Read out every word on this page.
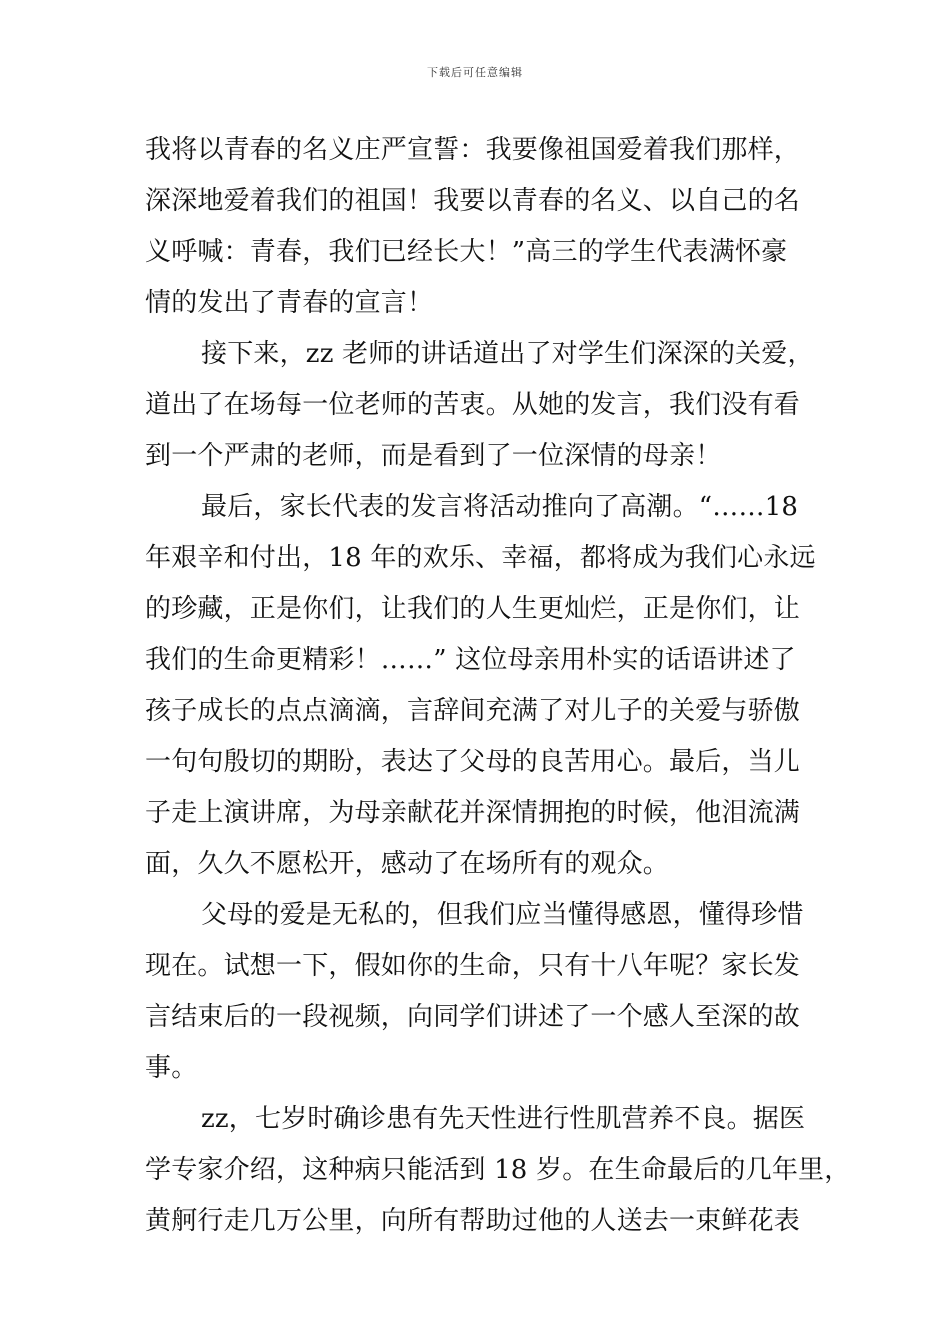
下载后可任意编辑
我将以青春的名义庄严宣誓：我要像祖国爱着我们那样，
深深地爱着我们的祖国！我要以青春的名义、以自己的名
义呼喊：青春，我们已经长大！”高三的学生代表满怀豪
情的发出了青春的宣言！
接下来，zz 老师的讲话道出了对学生们深深的关爱，
道出了在场每一位老师的苦衷。从她的发言，我们没有看
到一个严肃的老师，而是看到了一位深情的母亲！
最后，家长代表的发言将活动推向了高潮。“……18
年艰辛和付出，18 年的欢乐、幸福，都将成为我们心永远
的珍藏，正是你们，让我们的人生更灿烂，正是你们，让
我们的生命更精彩！……” 这位母亲用朴实的话语讲述了
孩子成长的点点滴滴，言辞间充满了对儿子的关爱与骄傲
一句句殷切的期盼，表达了父母的良苦用心。最后，当儿
子走上演讲席，为母亲献花并深情拥抱的时候，他泪流满
面，久久不愿松开，感动了在场所有的观众。
父母的爱是无私的，但我们应当懂得感恩，懂得珍惜
现在。试想一下，假如你的生命，只有十八年呢？家长发
言结束后的一段视频，向同学们讲述了一个感人至深的故
事。
zz，七岁时确诊患有先天性进行性肌营养不良。据医
学专家介绍，这种病只能活到 18 岁。在生命最后的几年里，
黄舸行走几万公里，向所有帮助过他的人送去一束鲜花表
